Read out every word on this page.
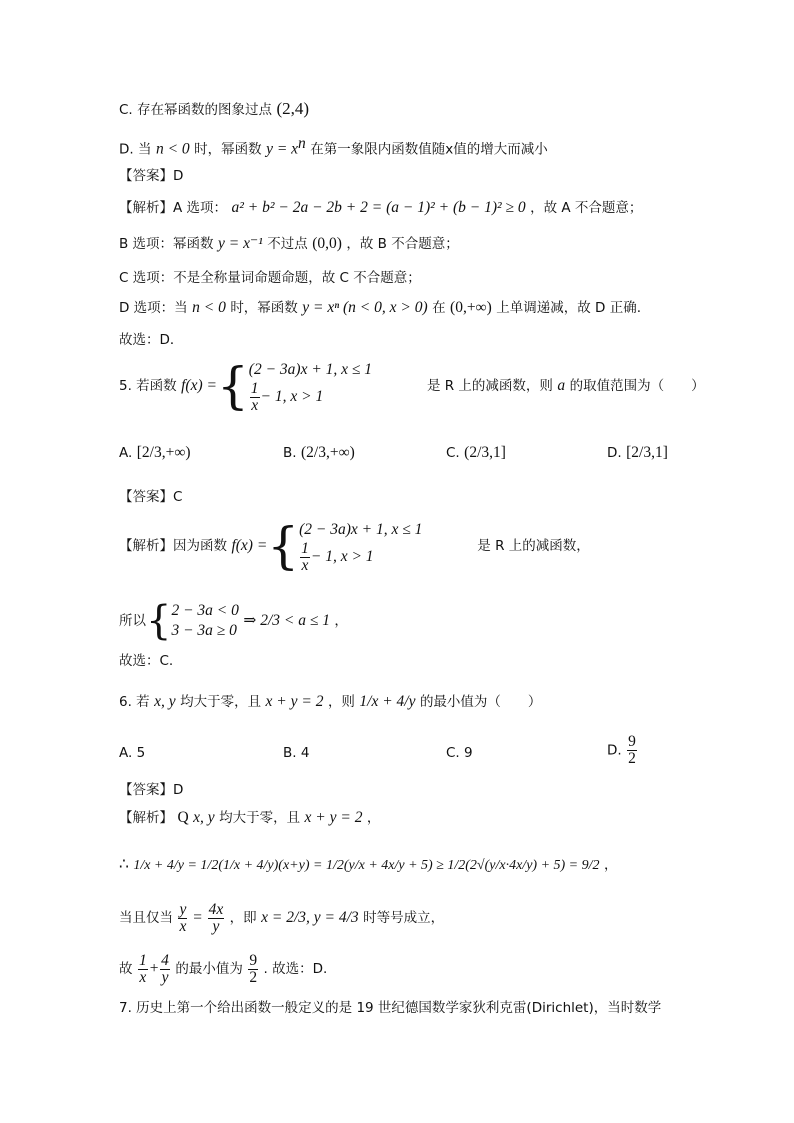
C. 存在幂函数的图象过点 (2,4)
D. 当 n < 0 时，幂函数 $y = x^n$ 在第一象限内函数值随x值的增大而减小
【答案】D
【解析】A 选项： a² + b² − 2a − 2b + 2 = (a − 1)² + (b − 1)² ≥ 0 ，故 A 不合题意；
B 选项：幂函数 y = x⁻¹ 不过点 (0,0) ，故 B 不合题意；
C 选项：不是全称量词命题命题，故 C 不合题意；
D 选项：当 n < 0 时，幂函数 y = xⁿ (n < 0, x > 0) 在 (0,+∞) 上单调递减，故 D 正确.
故选：D．
5. 若函数 f(x) ={ (2 − 3a)x + 1, x ≤ 1
$\frac{1}{x} - 1$, x > 1
是 R 上的减函数，则 a 的取值范围为（　　）
A. [2/3,+∞)	B. (2/3,+∞)	C. (2/3,1]	D. [2/3,1]
【答案】C
【解析】因为函数 f(x) ={ (2 − 3a)x + 1, x ≤ 1
$\frac{1}{x} - 1$, x > 1
是 R 上的减函数，
所以{ 2 − 3a < 0
3 − 3a ≥ 0
⇒ 2/3 < a ≤ 1 ，
故选：C.
6. 若 x, y 均大于零，且 x + y = 2 ，则 1/x + 4/y 的最小值为（　　）
A. 5	B. 4	C. 9	D. $\frac{9}{2}$
【答案】D
【解析】 Q x, y 均大于零，且 x + y = 2 ，
∴ 1/x + 4/y = 1/2(1/x + 4/y)(x+y) = 1/2(y/x + 4x/y + 5) ≥ 1/2(2√(y/x·4x/y) + 5) = 9/2 ，
当且仅当 $\frac{y}{x} = \frac{4x}{y}$ ，即 x = 2/3, y = 4/3 时等号成立，
故 $\frac{1}{x} + \frac{4}{y}$ 的最小值为 $\frac{9}{2}$ . 故选：D.
7. 历史上第一个给出函数一般定义的是 19 世纪德国数学家狄利克雷(Dirichlet)，当时数学
